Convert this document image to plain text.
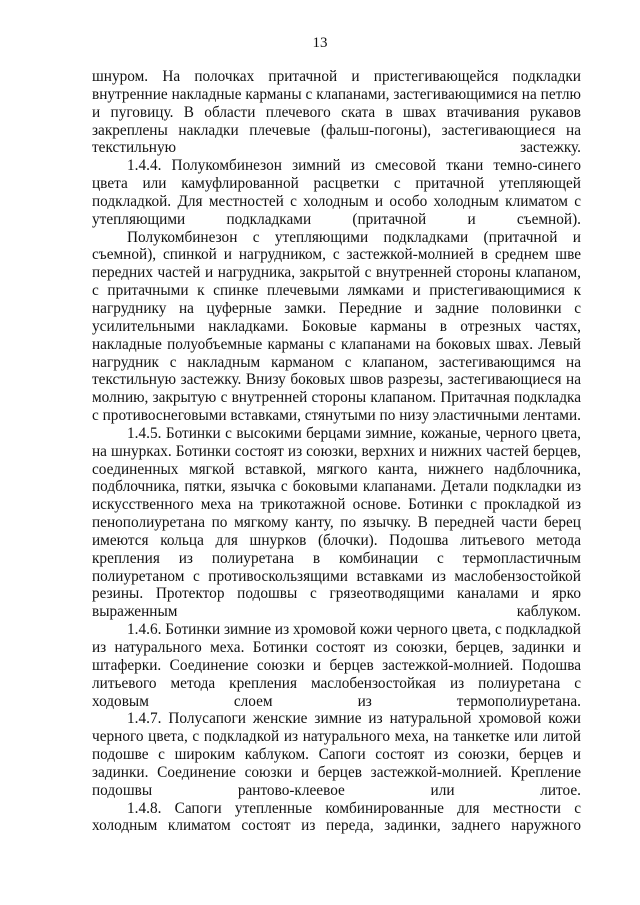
13

шнуром. На полочках притачной и пристегивающейся подкладки внутренние накладные карманы с клапанами, застегивающимися на петлю и пуговицу. В области плечевого ската в швах втачивания рукавов закреплены накладки плечевые (фальш-погоны), застегивающиеся на текстильную застежку.

1.4.4. Полукомбинезон зимний из смесовой ткани темно-синего цвета или камуфлированной расцветки с притачной утепляющей подкладкой. Для местностей с холодным и особо холодным климатом с утепляющими подкладками (притачной и съемной).

Полукомбинезон с утепляющими подкладками (притачной и съемной), спинкой и нагрудником, с застежкой-молнией в среднем шве передних частей и нагрудника, закрытой с внутренней стороны клапаном, с притачными к спинке плечевыми лямками и пристегивающимися к нагруднику на цуферные замки. Передние и задние половинки с усилительными накладками. Боковые карманы в отрезных частях, накладные полуобъемные карманы с клапанами на боковых швах. Левый нагрудник с накладным карманом с клапаном, застегивающимся на текстильную застежку. Внизу боковых швов разрезы, застегивающиеся на молнию, закрытую с внутренней стороны клапаном. Притачная подкладка с противоснеговыми вставками, стянутыми по низу эластичными лентами.

1.4.5. Ботинки с высокими берцами зимние, кожаные, черного цвета, на шнурках. Ботинки состоят из союзки, верхних и нижних частей берцев, соединенных мягкой вставкой, мягкого канта, нижнего надблочника, подблочника, пятки, язычка с боковыми клапанами. Детали подкладки из искусственного меха на трикотажной основе. Ботинки с прокладкой из пенополиуретана по мягкому канту, по язычку. В передней части берец имеются кольца для шнурков (блочки). Подошва литьевого метода крепления из полиуретана в комбинации с термопластичным полиуретаном с противоскользящими вставками из маслобензостойкой резины. Протектор подошвы с грязеотводящими каналами и ярко выраженным каблуком.

1.4.6. Ботинки зимние из хромовой кожи черного цвета, с подкладкой из натурального меха. Ботинки состоят из союзки, берцев, задинки и штаферки. Соединение союзки и берцев застежкой-молнией. Подошва литьевого метода крепления маслобензостойкая из полиуретана с ходовым слоем из термополиуретана.

1.4.7. Полусапоги женские зимние из натуральной хромовой кожи черного цвета, с подкладкой из натурального меха, на танкетке или литой подошве с широким каблуком. Сапоги состоят из союзки, берцев и задинки. Соединение союзки и берцев застежкой-молнией. Крепление подошвы рантово-клеевое или литое.

1.4.8. Сапоги утепленные комбинированные для местности с холодным климатом состоят из переда, задинки, заднего наружного
